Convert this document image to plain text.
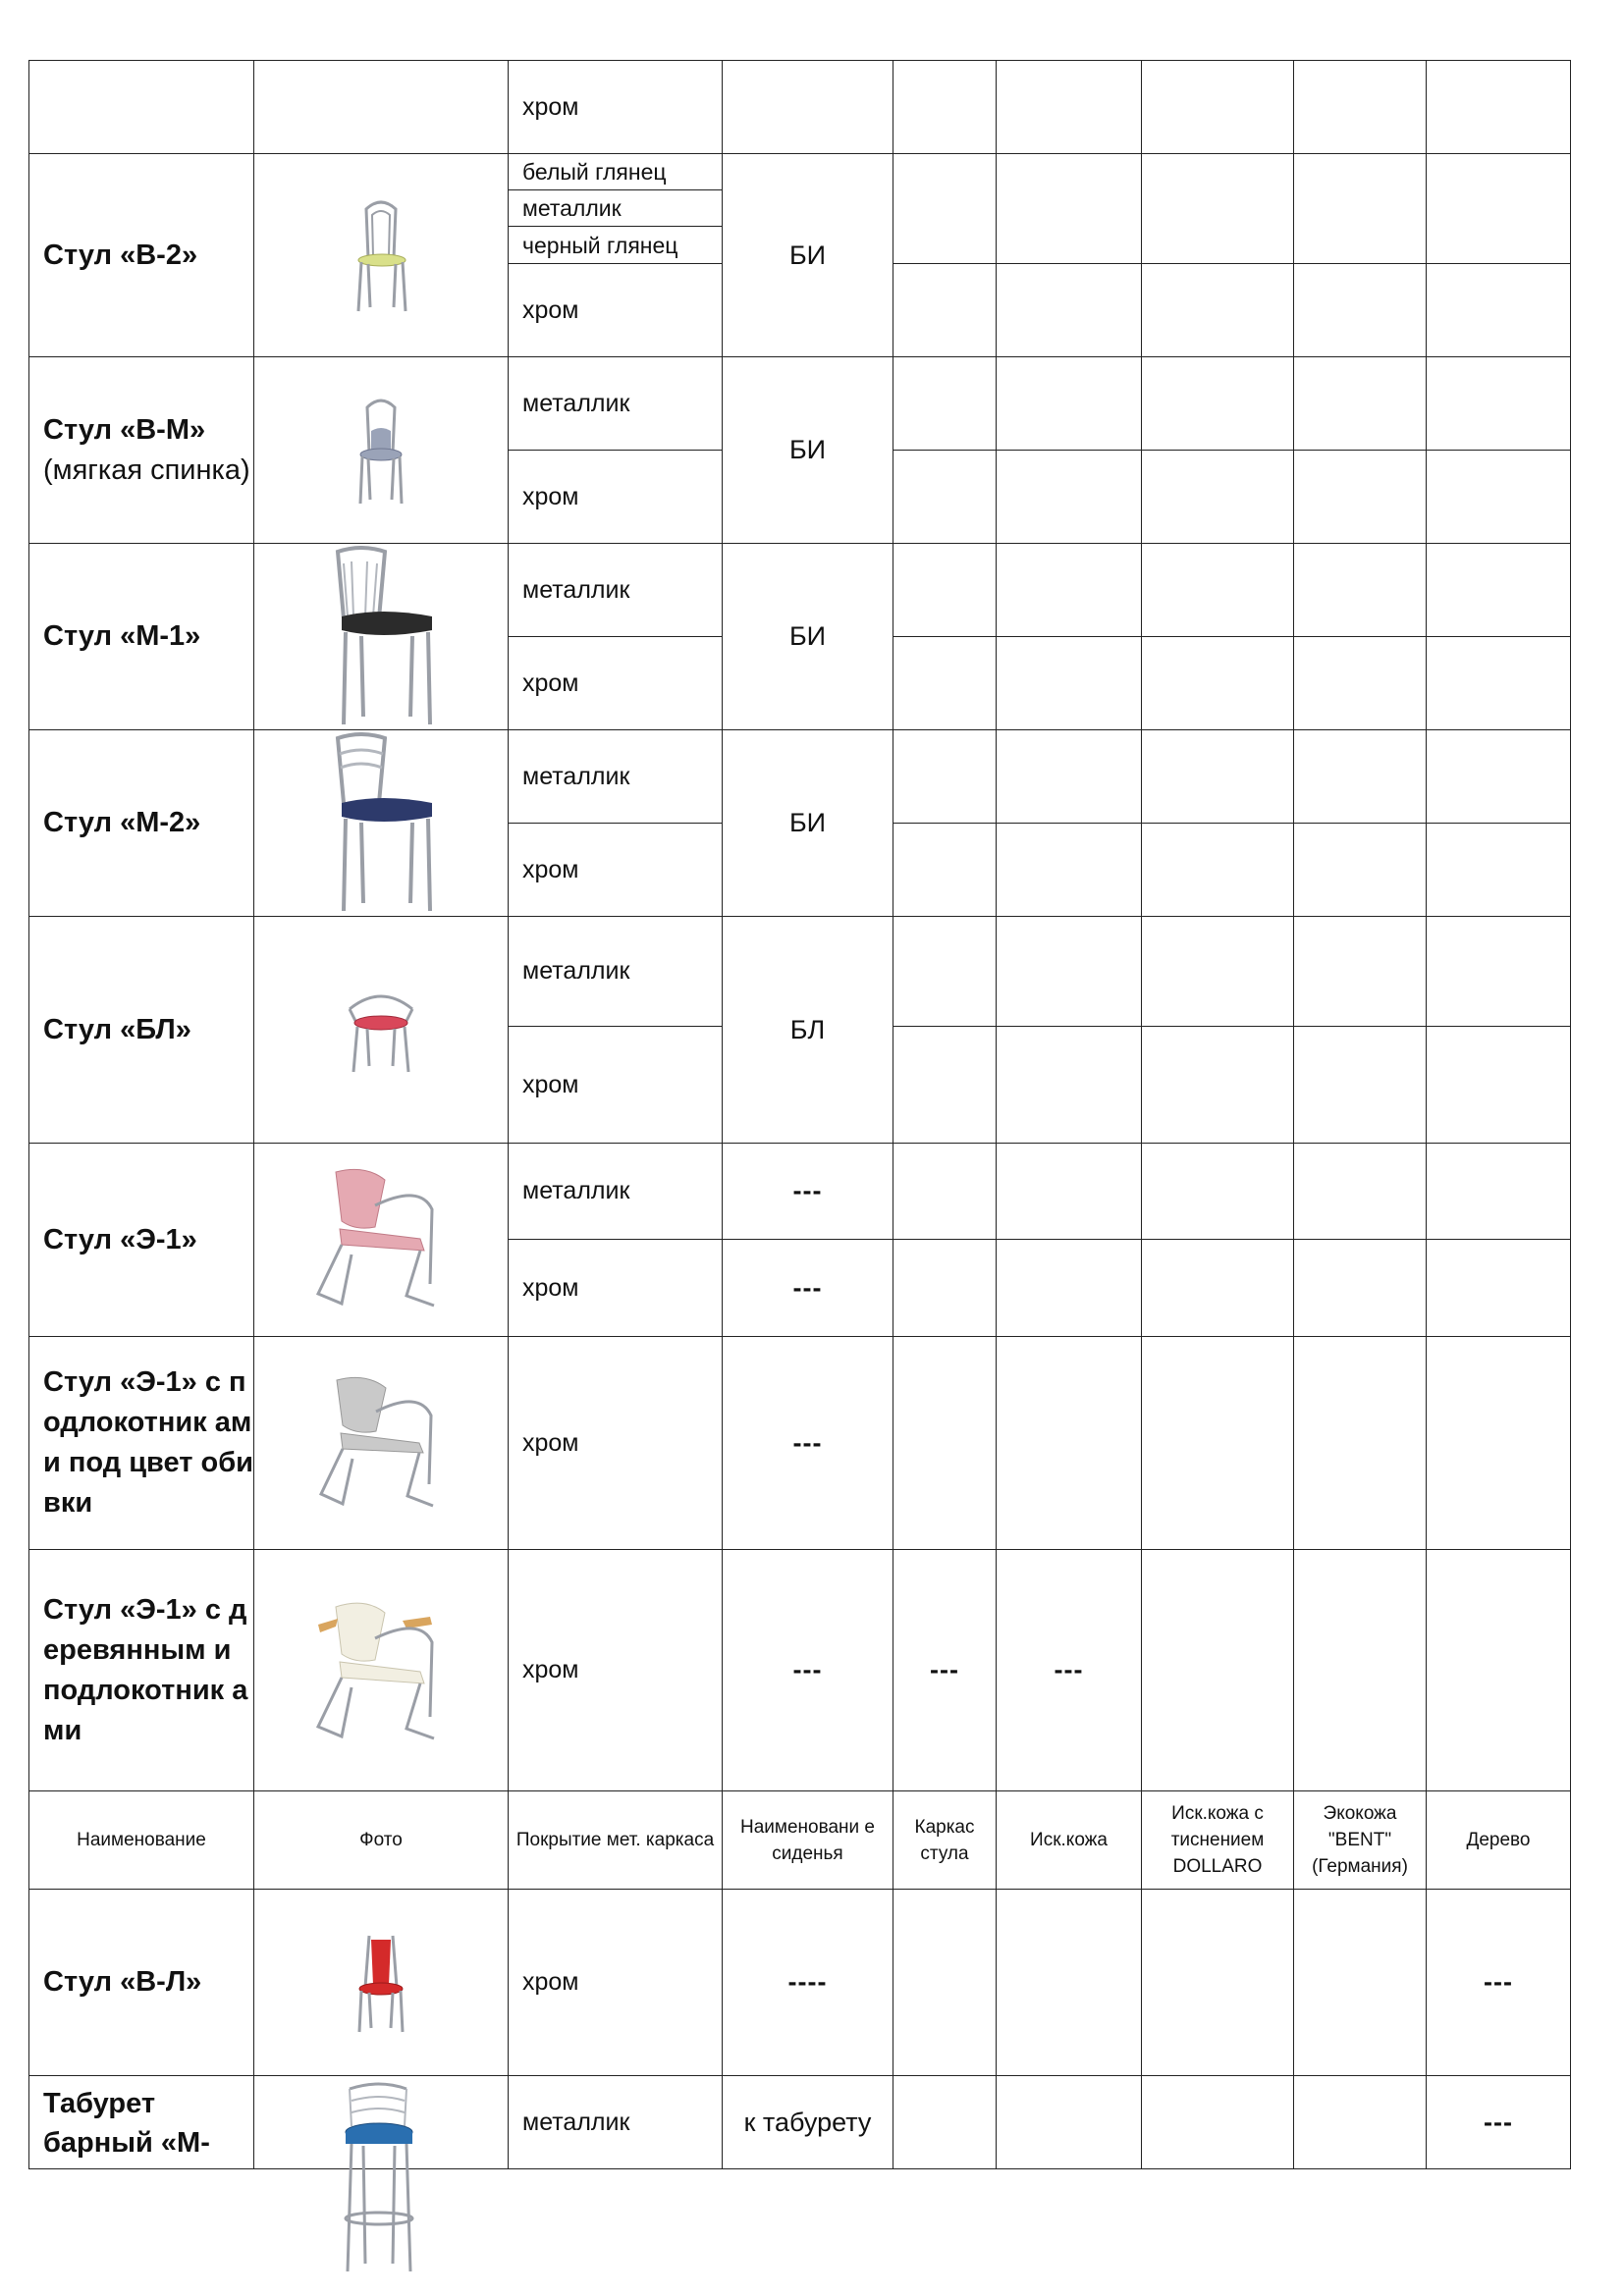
		хром						
Стул «В-2»		белый глянец	БИ					
		металлик						
		черный глянец						

		хром						
Стул «В-М»
(мягкая спинка)		металлик	БИ					
		хром						
Стул «М-1»		металлик	БИ					
		хром						
Стул «М-2»		металлик	БИ					
		хром						
Стул «БЛ»		металлик	БЛ					
		хром						
Стул «Э-1»		металлик	---					
		хром	---					
Стул «Э-1» с подлокотник ами под цвет обивки		хром	---					
Стул «Э-1» с деревянным и подлокотник ами		хром	---	---	---			
Наименование	Фото	Покрытие мет. каркаса	Наименовани е сиденья	Каркас стула	Иск.кожа	Иск.кожа с тиснением DOLLARO	Экокожа "BENT" (Германия)	Дерево
Стул «В-Л»		хром	----					---
Табурет барный «М-		металлик	к табурету					---
